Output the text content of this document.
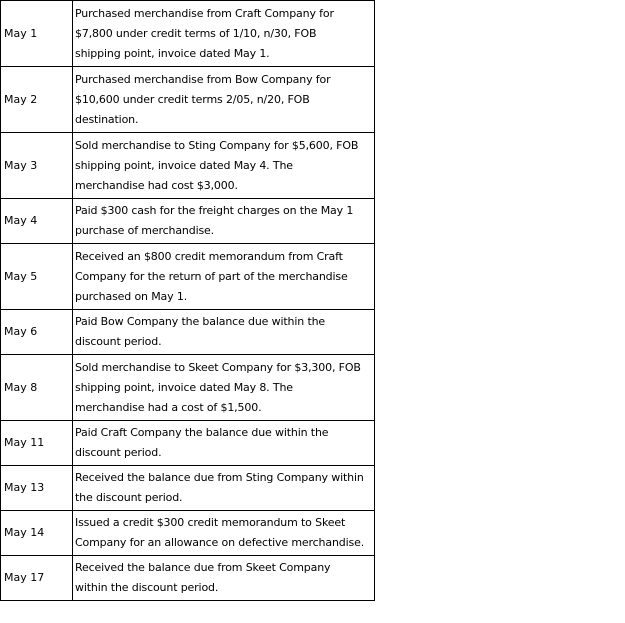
May 1	Purchased merchandise from Craft Company for
$7,800 under credit terms of 1/10, n/30, FOB
shipping point, invoice dated May 1.

May 2	Purchased merchandise from Bow Company for
$10,600 under credit terms 2/05, n/20, FOB
destination.

May 3	Sold merchandise to Sting Company for $5,600, FOB
shipping point, invoice dated May 4. The
merchandise had cost $3,000.

May 4	Paid $300 cash for the freight charges on the May 1
purchase of merchandise.

May 5	Received an $800 credit memorandum from Craft
Company for the return of part of the merchandise
purchased on May 1.

May 6	Paid Bow Company the balance due within the
discount period.

May 8	Sold merchandise to Skeet Company for $3,300, FOB
shipping point, invoice dated May 8. The
merchandise had a cost of $1,500.

May 11	Paid Craft Company the balance due within the
discount period.

May 13	Received the balance due from Sting Company within
the discount period.

May 14	Issued a credit $300 credit memorandum to Skeet
Company for an allowance on defective merchandise.

May 17	Received the balance due from Skeet Company
within the discount period.
